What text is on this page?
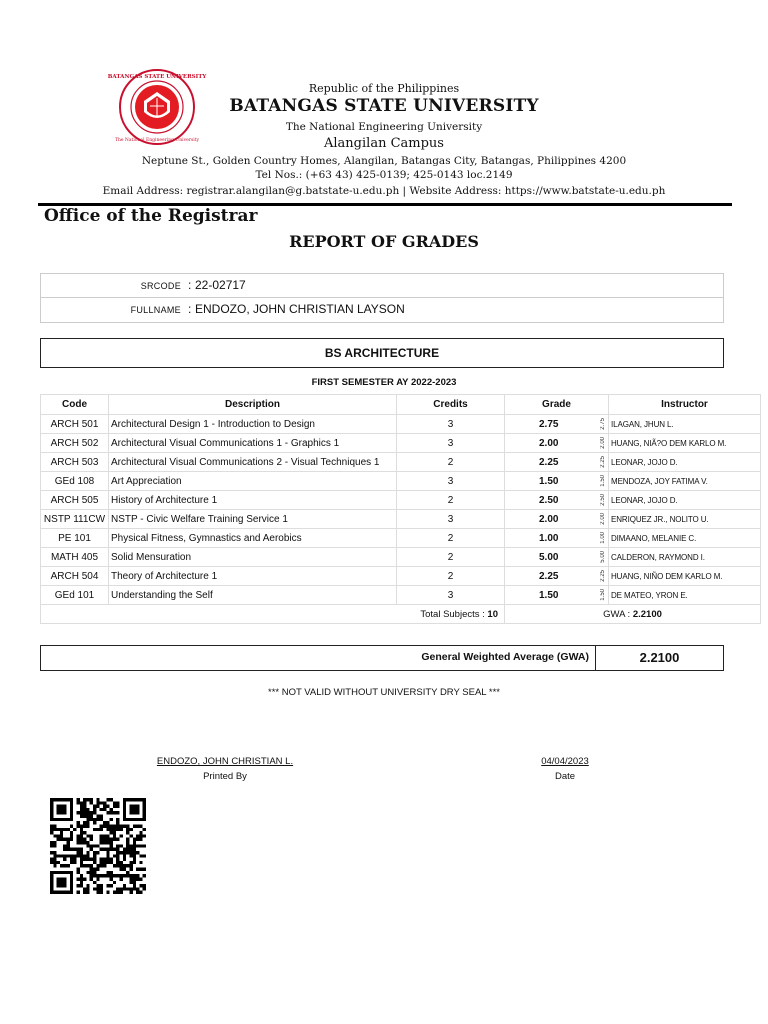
BATANGAS STATE UNIVERSITY
The National Engineering University
Republic of the Philippines
BATANGAS STATE UNIVERSITY
The National Engineering University
Alangilan Campus
Neptune St., Golden Country Homes, Alangilan, Batangas City, Batangas, Philippines 4200
Tel Nos.: (+63 43) 425-0139; 425-0143 loc.2149
Email Address: registrar.alangilan@g.batstate-u.edu.ph | Website Address: https://www.batstate-u.edu.ph
Office of the Registrar
REPORT OF GRADES
SRCODE : 22-02717
FULLNAME : ENDOZO, JOHN CHRISTIAN LAYSON
BS ARCHITECTURE
FIRST SEMESTER AY 2022-2023
Code	Description	Credits	Grade	Instructor
ARCH 501	Architectural Design 1 - Introduction to Design	3	2.75 2.75	ILAGAN, JHUN L.
ARCH 502	Architectural Visual Communications 1 - Graphics 1	3	2.00 2.00	HUANG, NIÃ?O DEM KARLO M.
ARCH 503	Architectural Visual Communications 2 - Visual Techniques 1	2	2.25 2.25	LEONAR, JOJO D.
GEd 108	Art Appreciation	3	1.50 1.50	MENDOZA, JOY FATIMA V.
ARCH 505	History of Architecture 1	2	2.50 2.50	LEONAR, JOJO D.
NSTP 111CW	NSTP - Civic Welfare Training Service 1	3	2.00 2.00	ENRIQUEZ JR., NOLITO U.
PE 101	Physical Fitness, Gymnastics and Aerobics	2	1.00 1.00	DIMAANO, MELANIE C.
MATH 405	Solid Mensuration	2	5.00 5.00	CALDERON, RAYMOND I.
ARCH 504	Theory of Architecture 1	2	2.25 2.25	HUANG, NIÑO DEM KARLO M.
GEd 101	Understanding the Self	3	1.50 1.50	DE MATEO, YRON E.
Total Subjects : 10			GWA : 2.2100	
General Weighted Average (GWA)	2.2100
*** NOT VALID WITHOUT UNIVERSITY DRY SEAL ***
ENDOZO, JOHN CHRISTIAN L.
Printed By
04/04/2023
Date
